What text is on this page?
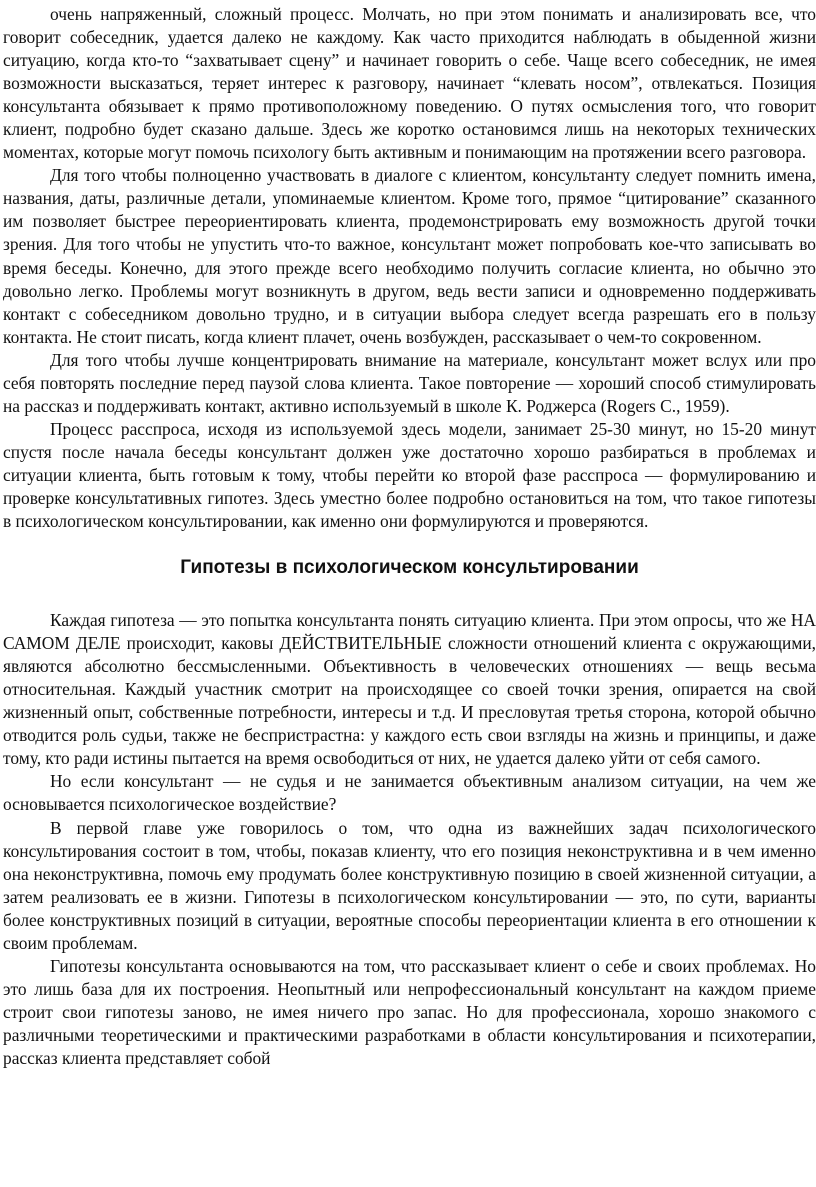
очень напряженный, сложный процесс. Молчать, но при этом понимать и анализировать все, что говорит собеседник, удается далеко не каждому. Как часто приходится наблюдать в обыденной жизни ситуацию, когда кто-то “захватывает сцену” и начинает говорить о себе. Чаще всего собеседник, не имея возможности высказаться, теряет интерес к разговору, начинает “клевать носом”, отвлекаться. Позиция консультанта обязывает к прямо противоположному поведению. О путях осмысления того, что говорит клиент, подробно будет сказано дальше. Здесь же коротко остановимся лишь на некоторых технических моментах, которые могут помочь психологу быть активным и понимающим на протяжении всего разговора.

Для того чтобы полноценно участвовать в диалоге с клиентом, консультанту следует помнить имена, названия, даты, различные детали, упоминаемые клиентом. Кроме того, прямое “цитирование” сказанного им позволяет быстрее переориентировать клиента, продемонстрировать ему возможность другой точки зрения. Для того чтобы не упустить что-то важное, консультант может попробовать кое-что записывать во время беседы. Конечно, для этого прежде всего необходимо получить согласие клиента, но обычно это довольно легко. Проблемы могут возникнуть в другом, ведь вести записи и одновременно поддерживать контакт с собеседником довольно трудно, и в ситуации выбора следует всегда разрешать его в пользу контакта. Не стоит писать, когда клиент плачет, очень возбужден, рассказывает о чем-то сокровенном.

Для того чтобы лучше концентрировать внимание на материале, консультант может вслух или про себя повторять последние перед паузой слова клиента. Такое повторение — хороший способ стимулировать на рассказ и поддерживать контакт, активно используемый в школе К. Роджерса (Rogers C., 1959).

Процесс расспроса, исходя из используемой здесь модели, занимает 25-30 минут, но 15-20 минут спустя после начала беседы консультант должен уже достаточно хорошо разбираться в проблемах и ситуации клиента, быть готовым к тому, чтобы перейти ко второй фазе расспроса — формулированию и проверке консультативных гипотез. Здесь уместно более подробно остановиться на том, что такое гипотезы в психологическом консультировании, как именно они формулируются и проверяются.

Гипотезы в психологическом консультировании

Каждая гипотеза — это попытка консультанта понять ситуацию клиента. При этом опросы, что же НА САМОМ ДЕЛЕ происходит, каковы ДЕЙСТВИТЕЛЬНЫЕ сложности отношений клиента с окружающими, являются абсолютно бессмысленными. Объективность в человеческих отношениях — вещь весьма относительная. Каждый участник смотрит на происходящее со своей точки зрения, опирается на свой жизненный опыт, собственные потребности, интересы и т.д. И пресловутая третья сторона, которой обычно отводится роль судьи, также не беспристрастна: у каждого есть свои взгляды на жизнь и принципы, и даже тому, кто ради истины пытается на время освободиться от них, не удается далеко уйти от себя самого.

Но если консультант — не судья и не занимается объективным анализом ситуации, на чем же основывается психологическое воздействие?

В первой главе уже говорилось о том, что одна из важнейших задач психологического консультирования состоит в том, чтобы, показав клиенту, что его позиция неконструктивна и в чем именно она неконструктивна, помочь ему продумать более конструктивную позицию в своей жизненной ситуации, а затем реализовать ее в жизни. Гипотезы в психологическом консультировании — это, по сути, варианты более конструктивных позиций в ситуации, вероятные способы переориентации клиента в его отношении к своим проблемам.

Гипотезы консультанта основываются на том, что рассказывает клиент о себе и своих проблемах. Но это лишь база для их построения. Неопытный или непрофессиональный консультант на каждом приеме строит свои гипотезы заново, не имея ничего про запас. Но для профессионала, хорошо знакомого с различными теоретическими и практическими разработками в области консультирования и психотерапии, рассказ клиента представляет собой
